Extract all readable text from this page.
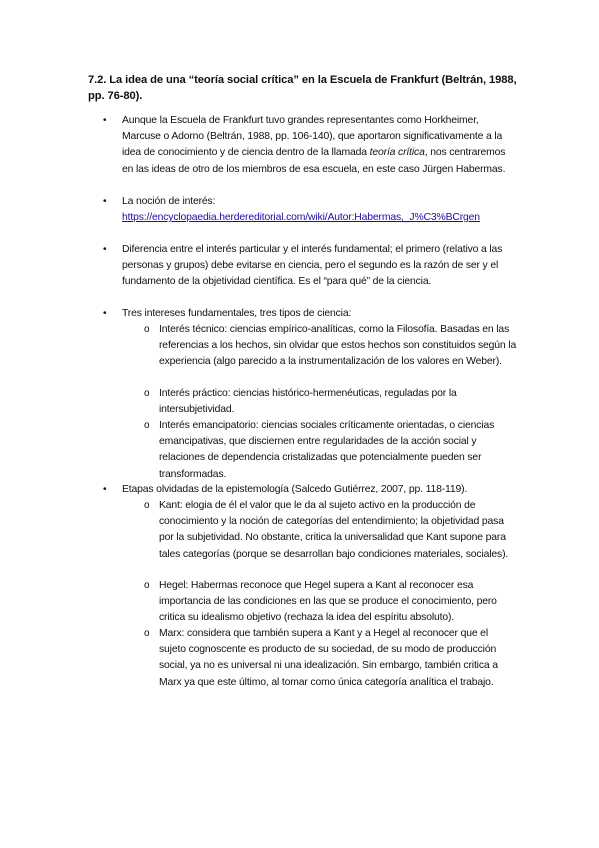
7.2. La idea de una “teoría social crítica” en la Escuela de Frankfurt (Beltrán, 1988, pp. 76-80).
• Aunque la Escuela de Frankfurt tuvo grandes representantes como Horkheimer, Marcuse o Adorno (Beltrán, 1988, pp. 106-140), que aportaron significativamente a la idea de conocimiento y de ciencia dentro de la llamada teoría crítica, nos centraremos en las ideas de otro de los miembros de esa escuela, en este caso Jürgen Habermas.
• La noción de interés:
https://encyclopaedia.herdereditorial.com/wiki/Autor:Habermas,_J%C3%BCrgen
• Diferencia entre el interés particular y el interés fundamental; el primero (relativo a las personas y grupos) debe evitarse en ciencia, pero el segundo es la razón de ser y el fundamento de la objetividad científica. Es el “para qué” de la ciencia.
• Tres intereses fundamentales, tres tipos de ciencia:
o Interés técnico: ciencias empírico-analíticas, como la Filosofía. Basadas en las referencias a los hechos, sin olvidar que estos hechos son constituidos según la experiencia (algo parecido a la instrumentalización de los valores en Weber).
o Interés práctico: ciencias histórico-hermenéuticas, reguladas por la intersubjetividad.
o Interés emancipatorio: ciencias sociales críticamente orientadas, o ciencias emancipativas, que disciernen entre regularidades de la acción social y relaciones de dependencia cristalizadas que potencialmente pueden ser transformadas.
• Etapas olvidadas de la epistemología (Salcedo Gutiérrez, 2007, pp. 118-119).
o Kant: elogia de él el valor que le da al sujeto activo en la producción de conocimiento y la noción de categorías del entendimiento; la objetividad pasa por la subjetividad. No obstante, critica la universalidad que Kant supone para tales categorías (porque se desarrollan bajo condiciones materiales, sociales).
o Hegel: Habermas reconoce que Hegel supera a Kant al reconocer esa importancia de las condiciones en las que se produce el conocimiento, pero critica su idealismo objetivo (rechaza la idea del espíritu absoluto).
o Marx: considera que también supera a Kant y a Hegel al reconocer que el sujeto cognoscente es producto de su sociedad, de su modo de producción social, ya no es universal ni una idealización. Sin embargo, también critica a Marx ya que este último, al tomar como única categoría analítica el trabajo.
